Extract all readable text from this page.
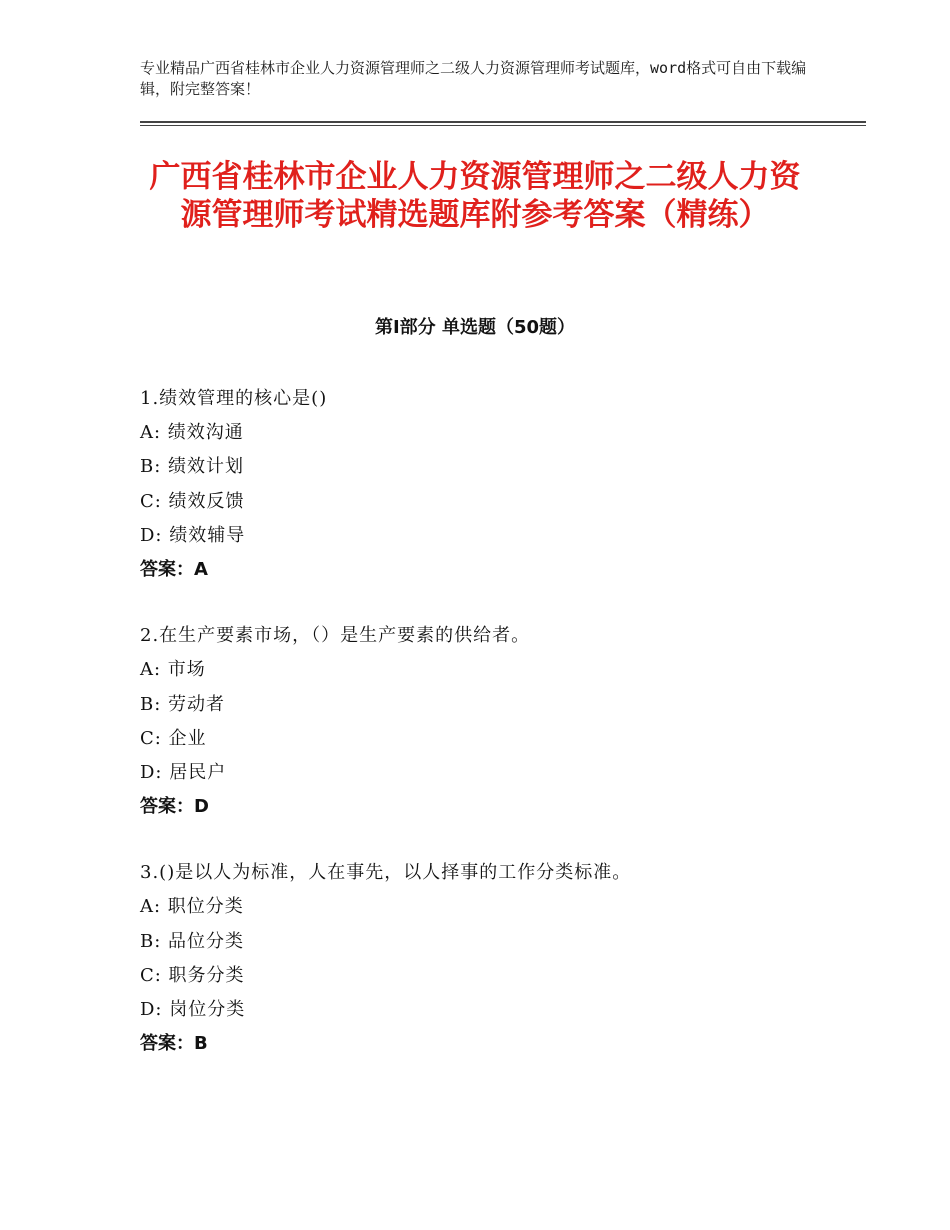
专业精品广西省桂林市企业人力资源管理师之二级人力资源管理师考试题库，word格式可自由下载编辑，附完整答案！
广西省桂林市企业人力资源管理师之二级人力资源管理师考试精选题库附参考答案（精练）
第Ⅰ部分 单选题（50题）
1.绩效管理的核心是()
A: 绩效沟通
B: 绩效计划
C: 绩效反馈
D: 绩效辅导
答案：A
2.在生产要素市场，（）是生产要素的供给者。
A: 市场
B: 劳动者
C: 企业
D: 居民户
答案：D
3.()是以人为标准，人在事先，以人择事的工作分类标准。
A: 职位分类
B: 品位分类
C: 职务分类
D: 岗位分类
答案：B
